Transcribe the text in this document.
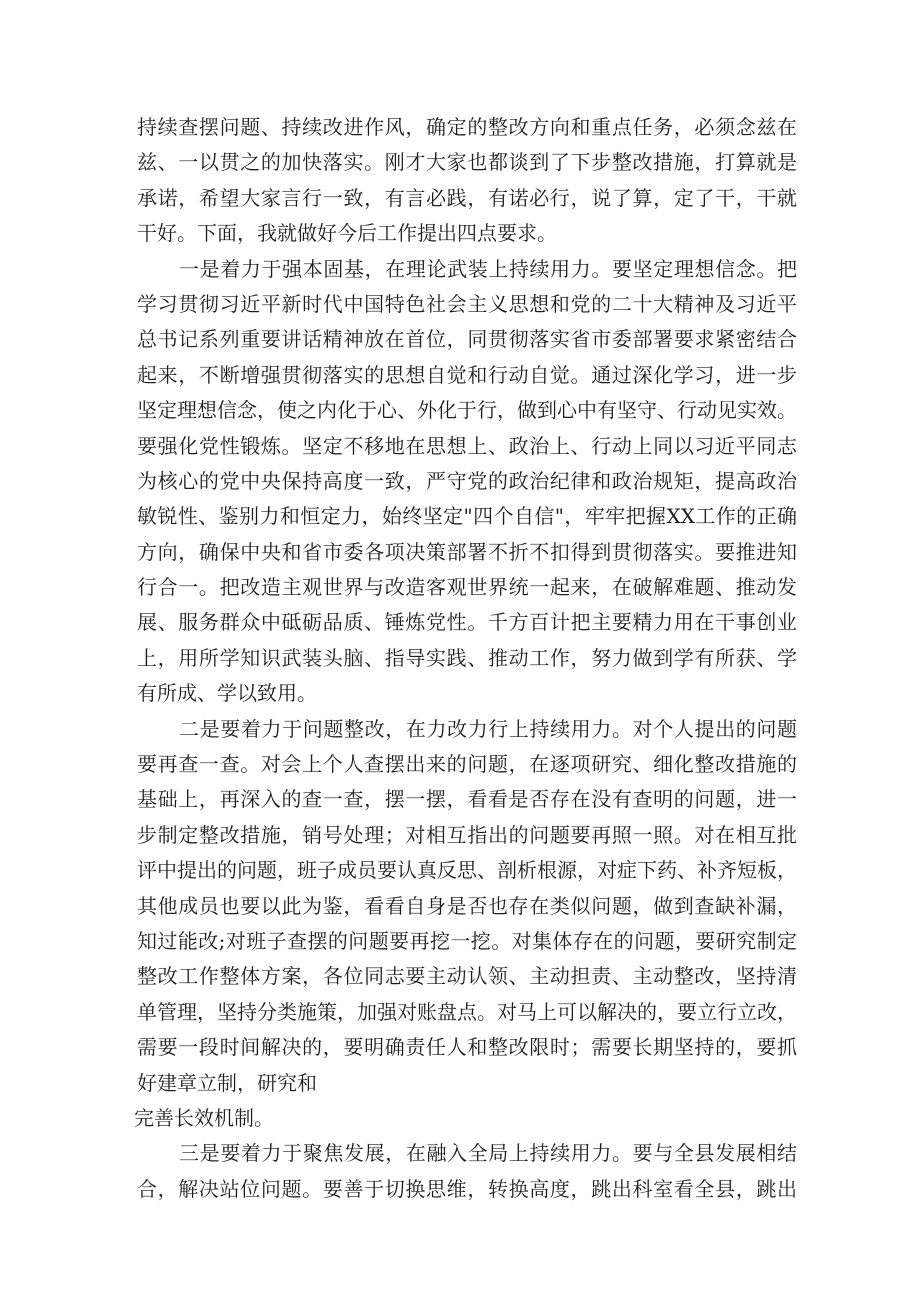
持续查摆问题、持续改进作风，确定的整改方向和重点任务，必须念兹在
兹、一以贯之的加快落实。刚才大家也都谈到了下步整改措施，打算就是
承诺，希望大家言行一致，有言必践，有诺必行，说了算，定了干，干就
干好。下面，我就做好今后工作提出四点要求。
一是着力于强本固基，在理论武装上持续用力。要坚定理想信念。把
学习贯彻习近平新时代中国特色社会主义思想和党的二十大精神及习近平
总书记系列重要讲话精神放在首位，同贯彻落实省市委部署要求紧密结合
起来，不断增强贯彻落实的思想自觉和行动自觉。通过深化学习，进一步
坚定理想信念，使之内化于心、外化于行，做到心中有坚守、行动见实效。
要强化党性锻炼。坚定不移地在思想上、政治上、行动上同以习近平同志
为核心的党中央保持高度一致，严守党的政治纪律和政治规矩，提高政治
敏锐性、鉴别力和恒定力，始终坚定"四个自信"，牢牢把握XX工作的正确
方向，确保中央和省市委各项决策部署不折不扣得到贯彻落实。要推进知
行合一。把改造主观世界与改造客观世界统一起来，在破解难题、推动发
展、服务群众中砥砺品质、锤炼党性。千方百计把主要精力用在干事创业
上，用所学知识武装头脑、指导实践、推动工作，努力做到学有所获、学
有所成、学以致用。
二是要着力于问题整改，在力改力行上持续用力。对个人提出的问题
要再查一查。对会上个人查摆出来的问题，在逐项研究、细化整改措施的
基础上，再深入的查一查，摆一摆，看看是否存在没有查明的问题，进一
步制定整改措施，销号处理；对相互指出的问题要再照一照。对在相互批
评中提出的问题，班子成员要认真反思、剖析根源，对症下药、补齐短板，
其他成员也要以此为鉴，看看自身是否也存在类似问题，做到查缺补漏，
知过能改;对班子查摆的问题要再挖一挖。对集体存在的问题，要研究制定
整改工作整体方案，各位同志要主动认领、主动担责、主动整改，坚持清
单管理，坚持分类施策，加强对账盘点。对马上可以解决的，要立行立改，
需要一段时间解决的，要明确责任人和整改限时；需要长期坚持的，要抓
好建章立制，研究和
完善长效机制。
三是要着力于聚焦发展，在融入全局上持续用力。要与全县发展相结
合，解决站位问题。要善于切换思维，转换高度，跳出科室看全县，跳出
